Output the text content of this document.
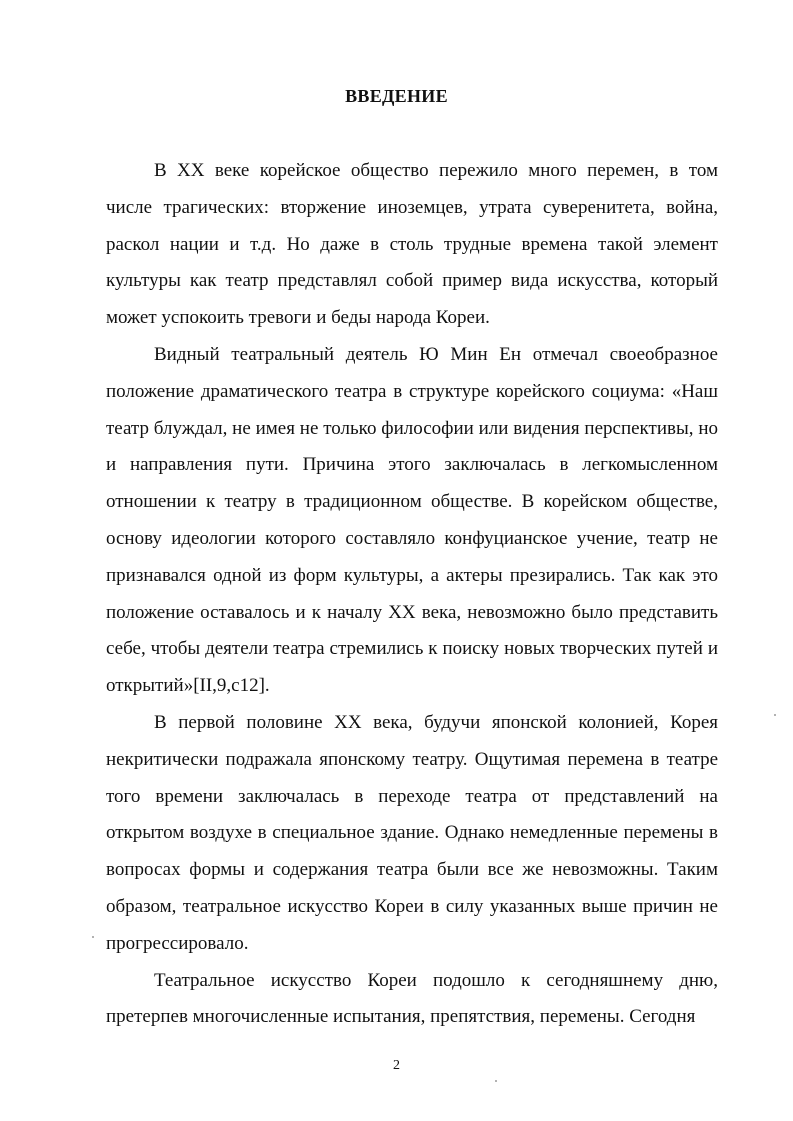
ВВЕДЕНИЕ

В XX веке корейское общество пережило много перемен, в том числе трагических: вторжение иноземцев, утрата суверенитета, война, раскол нации и т.д. Но даже в столь трудные времена такой элемент культуры как театр представлял собой пример вида искусства, который может успокоить тревоги и беды народа Кореи.

Видный театральный деятель Ю Мин Ен отмечал своеобразное положение драматического театра в структуре корейского социума: «Наш театр блуждал, не имея не только философии или видения перспективы, но и направления пути. Причина этого заключалась в легкомысленном отношении к театру в традиционном обществе. В корейском обществе, основу идеологии которого составляло конфуцианское учение, театр не признавался одной из форм культуры, а актеры презирались. Так как это положение оставалось и к началу XX века, невозможно было представить себе, чтобы деятели театра стремились к поиску новых творческих путей и открытий»[II,9,с12].

В первой половине XX века, будучи японской колонией, Корея некритически подражала японскому театру. Ощутимая перемена в театре того времени заключалась в переходе театра от представлений на открытом воздухе в специальное здание. Однако немедленные перемены в вопросах формы и содержания театра были все же невозможны. Таким образом, театральное искусство Кореи в силу указанных выше причин не прогрессировало.

Театральное искусство Кореи подошло к сегодняшнему дню, претерпев многочисленные испытания, препятствия, перемены. Сегодня

2
